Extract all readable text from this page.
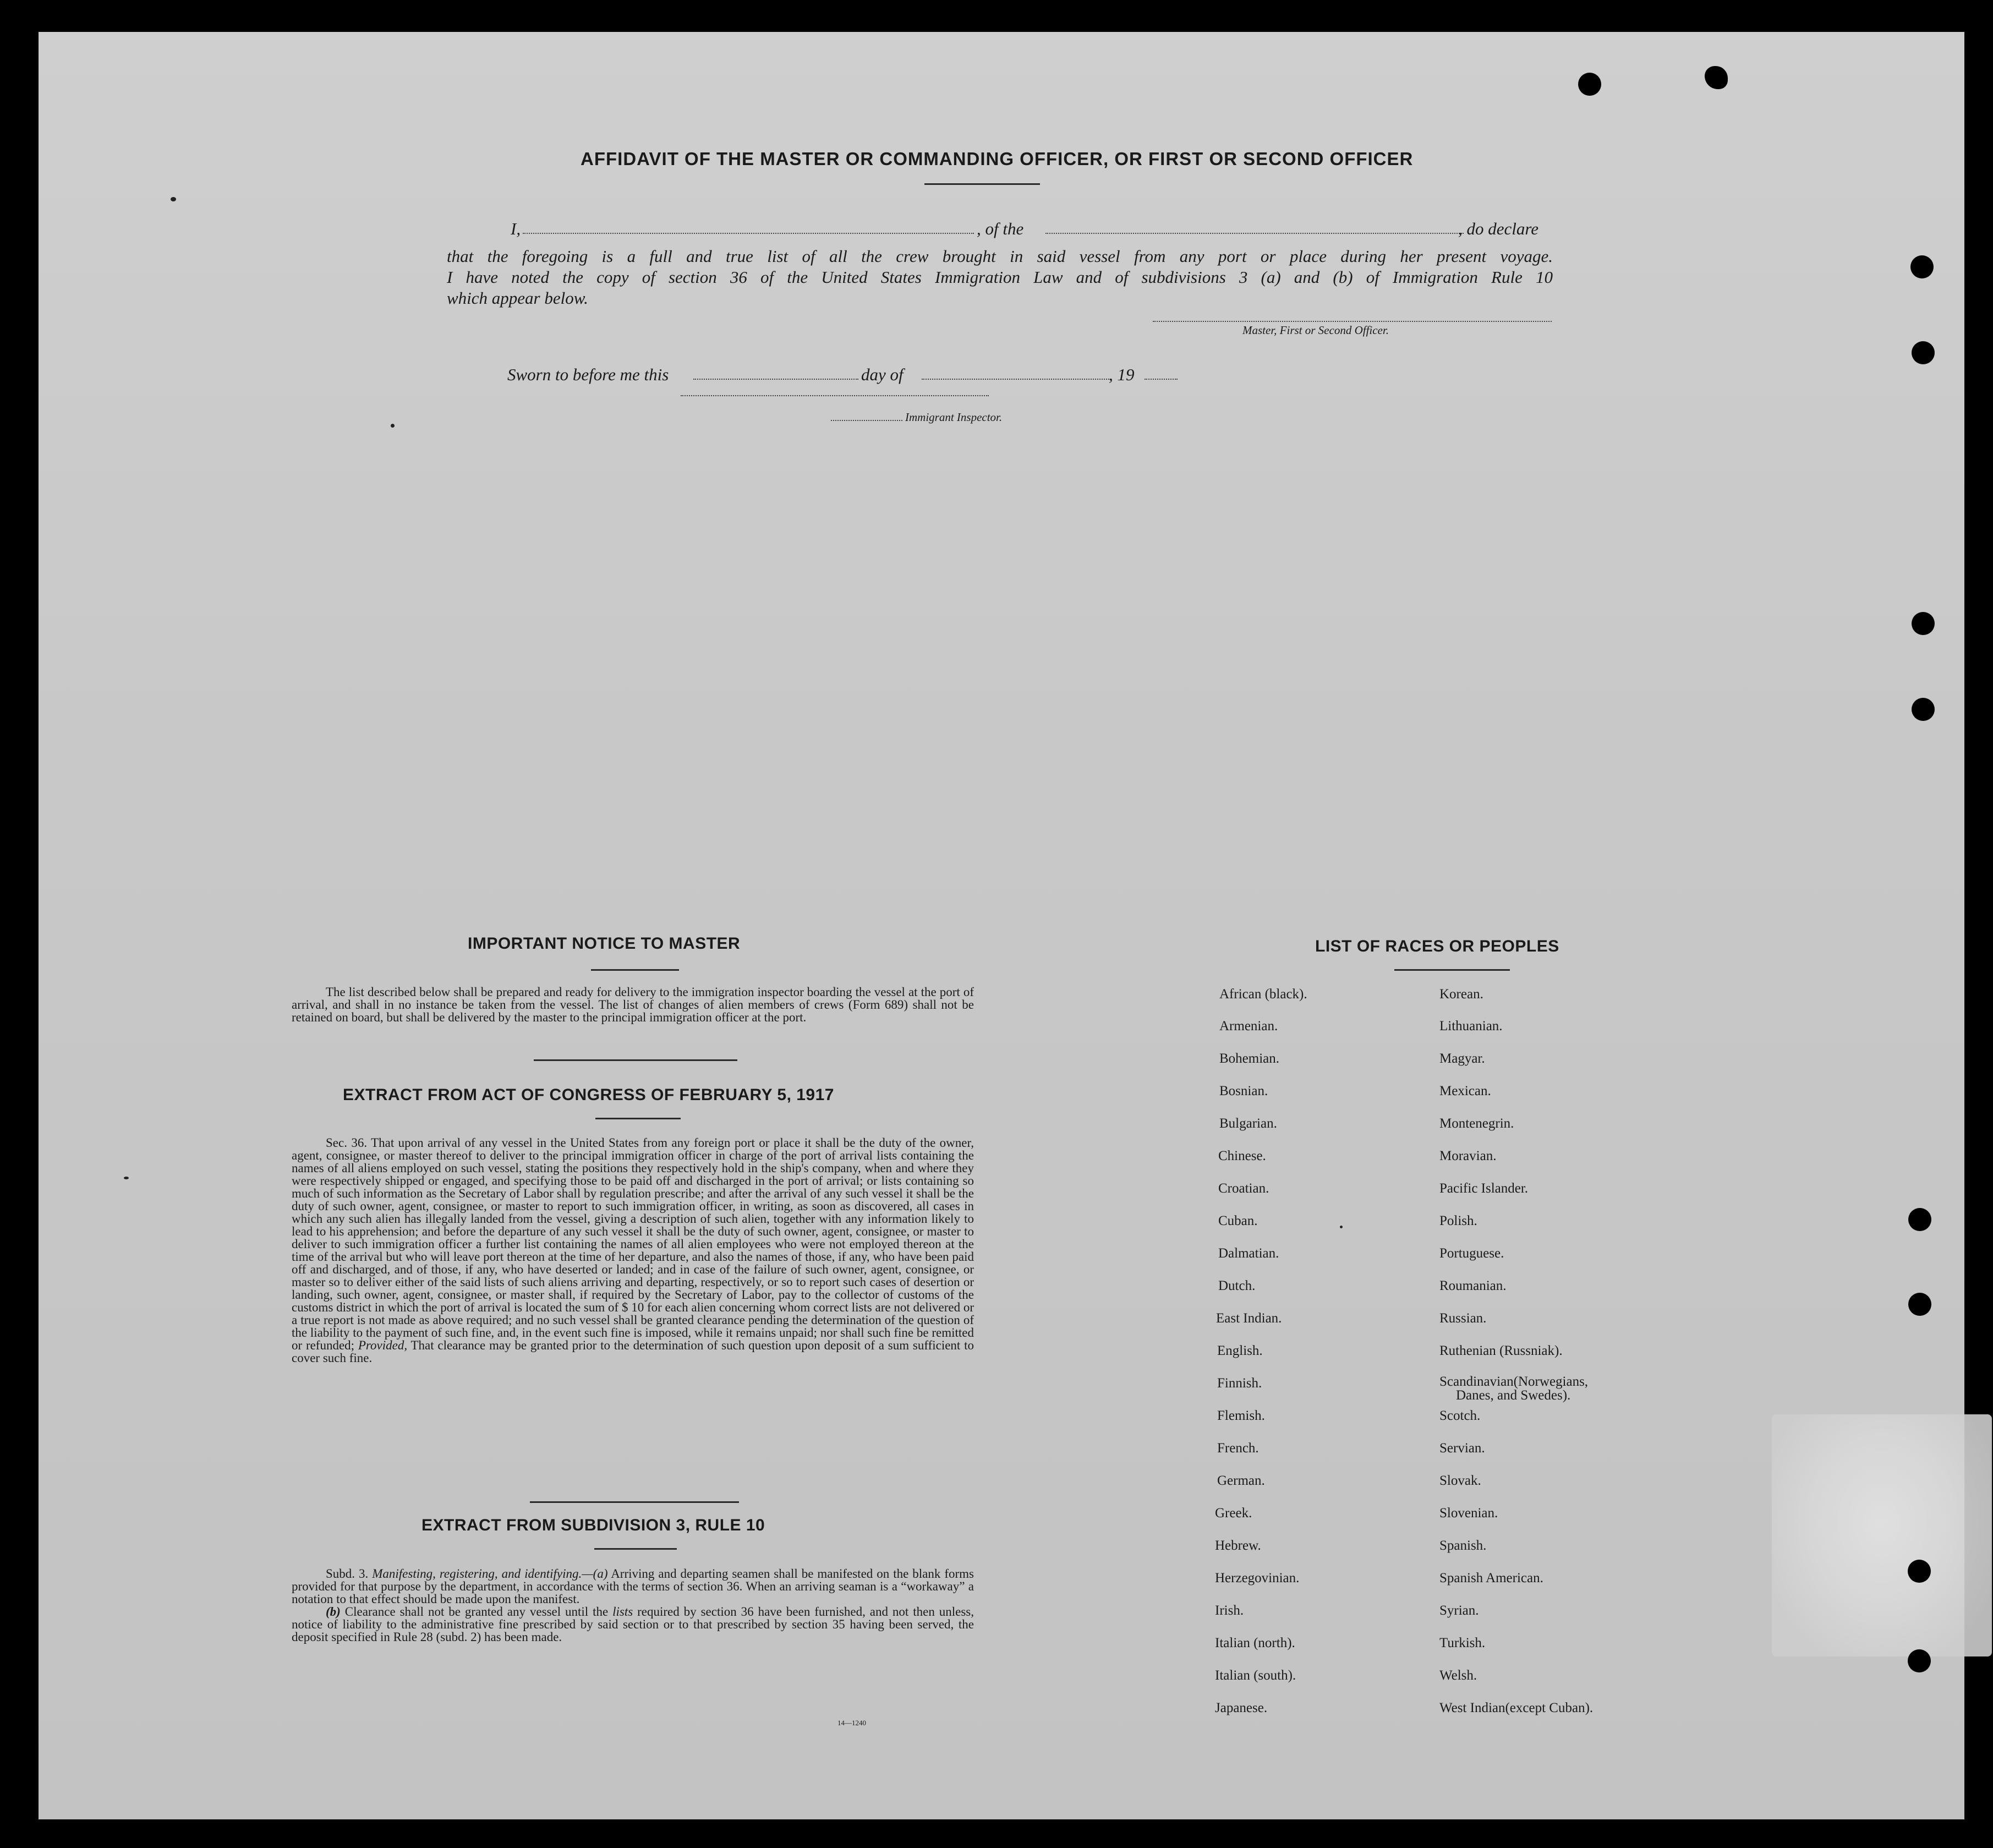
AFFIDAVIT OF THE MASTER OR COMMANDING OFFICER, OR FIRST OR SECOND OFFICER
I,	, of the	, do declare
that the foregoing is a full and true list of all the crew brought in said vessel from any port or place during her present voyage.
I have noted the copy of section 36 of the United States Immigration Law and of subdivisions 3 (a) and (b) of Immigration Rule 10
which appear below.
Master, First or Second Officer.
Sworn to before me this	day of	, 19
Immigrant Inspector.
IMPORTANT NOTICE TO MASTER

The list described below shall be prepared and ready for delivery to the immigration inspector boarding the vessel at the port of arrival, and shall in no instance be taken from the vessel. The list of changes of alien members of crews (Form 689) shall not be retained on board, but shall be delivered by the master to the principal immigration officer at the port.

EXTRACT FROM ACT OF CONGRESS OF FEBRUARY 5, 1917

Sec. 36. That upon arrival of any vessel in the United States from any foreign port or place it shall be the duty of the owner, agent, consignee, or master thereof to deliver to the principal immigration officer in charge of the port of arrival lists containing the names of all aliens employed on such vessel, stating the positions they respectively hold in the ship's company, when and where they were respectively shipped or engaged, and specifying those to be paid off and discharged in the port of arrival; or lists containing so much of such information as the Secretary of Labor shall by regulation prescribe; and after the arrival of any such vessel it shall be the duty of such owner, agent, consignee, or master to report to such immigration officer, in writing, as soon as discovered, all cases in which any such alien has illegally landed from the vessel, giving a description of such alien, together with any information likely to lead to his apprehension; and before the departure of any such vessel it shall be the duty of such owner, agent, consignee, or master to deliver to such immigration officer a further list containing the names of all alien employees who were not employed thereon at the time of the arrival but who will leave port thereon at the time of her departure, and also the names of those, if any, who have been paid off and discharged, and of those, if any, who have deserted or landed; and in case of the failure of such owner, agent, consignee, or master so to deliver either of the said lists of such aliens arriving and departing, respectively, or so to report such cases of desertion or landing, such owner, agent, consignee, or master shall, if required by the Secretary of Labor, pay to the collector of customs of the customs district in which the port of arrival is located the sum of $ 10 for each alien concerning whom correct lists are not delivered or a true report is not made as above required; and no such vessel shall be granted clearance pending the determination of the question of the liability to the payment of such fine, and, in the event such fine is imposed, while it remains unpaid; nor shall such fine be remitted or refunded; Provided, That clearance may be granted prior to the determination of such question upon deposit of a sum sufficient to cover such fine.

EXTRACT FROM SUBDIVISION 3, RULE 10

Subd. 3. Manifesting, registering, and identifying.—(a) Arriving and departing seamen shall be manifested on the blank forms provided for that purpose by the department, in accordance with the terms of section 36. When an arriving seaman is a “workaway” a notation to that effect should be made upon the manifest.

(b) Clearance shall not be granted any vessel until the lists required by section 36 have been furnished, and not then unless, notice of liability to the administrative fine prescribed by said section or to that prescribed by section 35 having been served, the deposit specified in Rule 28 (subd. 2) has been made.

14—1240
LIST OF RACES OR PEOPLES
African (black).
Armenian.
Bohemian.
Bosnian.
Bulgarian.
Chinese.
Croatian.
Cuban.
Dalmatian.
Dutch.
East Indian.
English.
Finnish.
Flemish.
French.
German.
Greek.
Hebrew.
Herzegovinian.
Irish.
Italian (north).
Italian (south).
Japanese.
Korean.
Lithuanian.
Magyar.
Mexican.
Montenegrin.
Moravian.
Pacific Islander.
Polish.
Portuguese.
Roumanian.
Russian.
Ruthenian (Russniak).
Scandinavian(Norwegians,
Danes, and Swedes).
Scotch.
Servian.
Slovak.
Slovenian.
Spanish.
Spanish American.
Syrian.
Turkish.
Welsh.
West Indian(except Cuban).
